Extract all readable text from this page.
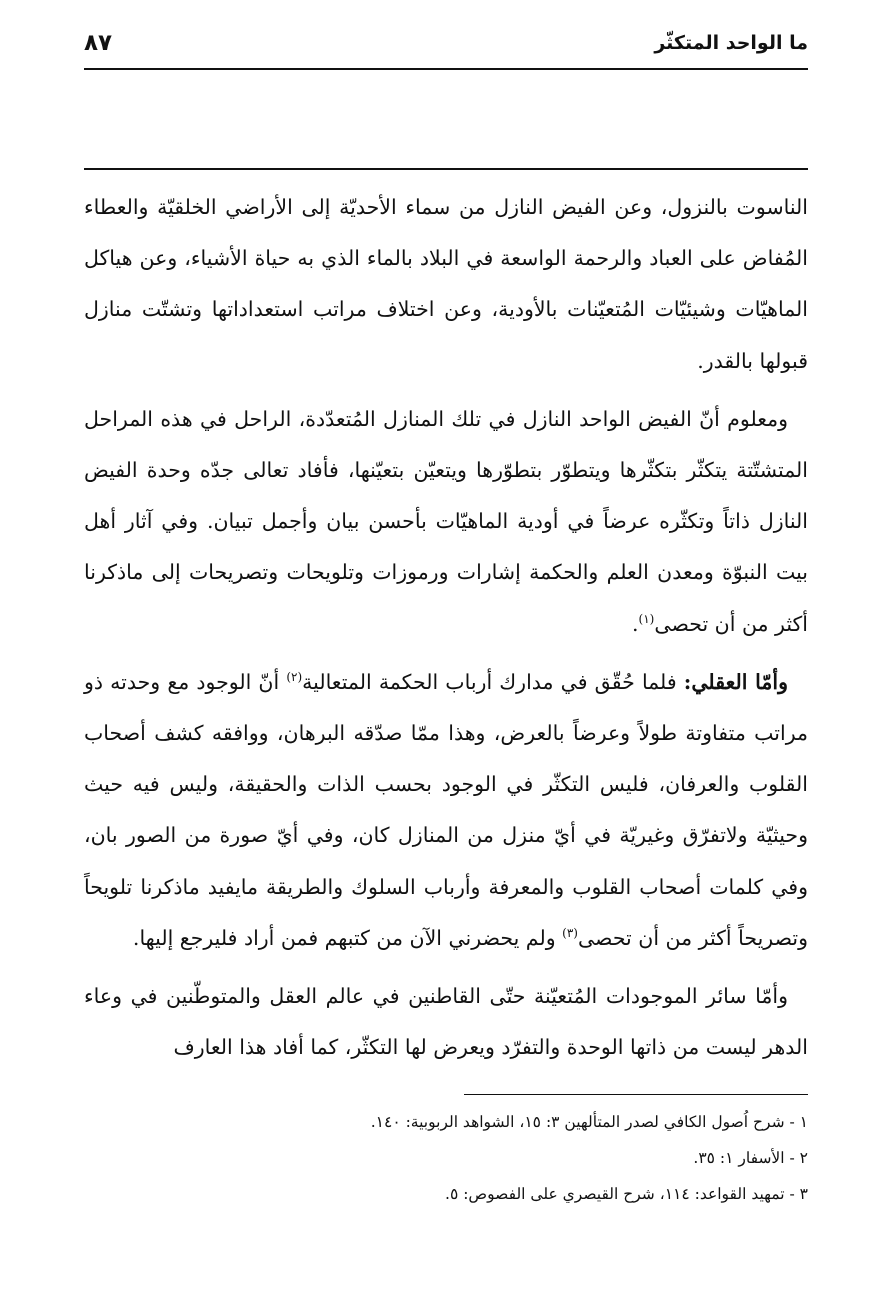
ما الواحد المتكثّر
٨٧

الناسوت بالنزول، وعن الفيض النازل من سماء الأحديّة إلى الأراضي الخلقيّة والعطاء المُفاض على العباد والرحمة الواسعة في البلاد بالماء الذي به حياة الأشياء، وعن هياكل الماهيّات وشيئيّات المُتعيّنات بالأودية، وعن اختلاف مراتب استعداداتها وتشتّت منازل قبولها بالقدر.

ومعلوم أنّ الفيض الواحد النازل في تلك المنازل المُتعدّدة، الراحل في هذه المراحل المتشتّتة يتكثّر بتكثّرها ويتطوّر بتطوّرها ويتعيّن بتعيّنها، فأفاد تعالى جدّه وحدة الفيض النازل ذاتاً وتكثّره عرضاً في أودية الماهيّات بأحسن بيان وأجمل تبيان. وفي آثار أهل بيت النبوّة ومعدن العلم والحكمة إشارات ورموزات وتلويحات وتصريحات إلى ماذكرنا أكثر من أن تحصى$^{(١)}$.

وأمّا العقلي: فلما حُقّق في مدارك أرباب الحكمة المتعالية$^{(٢)}$ أنّ الوجود مع وحدته ذو مراتب متفاوتة طولاً وعرضاً بالعرض، وهذا ممّا صدّقه البرهان، ووافقه كشف أصحاب القلوب والعرفان، فليس التكثّر في الوجود بحسب الذات والحقيقة، وليس فيه حيث وحيثيّة ولاتفرّق وغيريّة في أيّ منزل من المنازل كان، وفي أيّ صورة من الصور بان، وفي كلمات أصحاب القلوب والمعرفة وأرباب السلوك والطريقة مايفيد ماذكرنا تلويحاً وتصريحاً أكثر من أن تحصى$^{(٣)}$ ولم يحضرني الآن من كتبهم فمن أراد فليرجع إليها.

وأمّا سائر الموجودات المُتعيّنة حتّى القاطنين في عالم العقل والمتوطّنين في وعاء الدهر ليست من ذاتها الوحدة والتفرّد ويعرض لها التكثّر، كما أفاد هذا العارف

١ - شرح اُصول الكافي لصدر المتألهين ٣: ١٥، الشواهد الربوبية: ١٤٠.
٢ - الأسفار ١: ٣٥.
٣ - تمهيد القواعد: ١١٤، شرح القيصري على الفصوص: ٥.
